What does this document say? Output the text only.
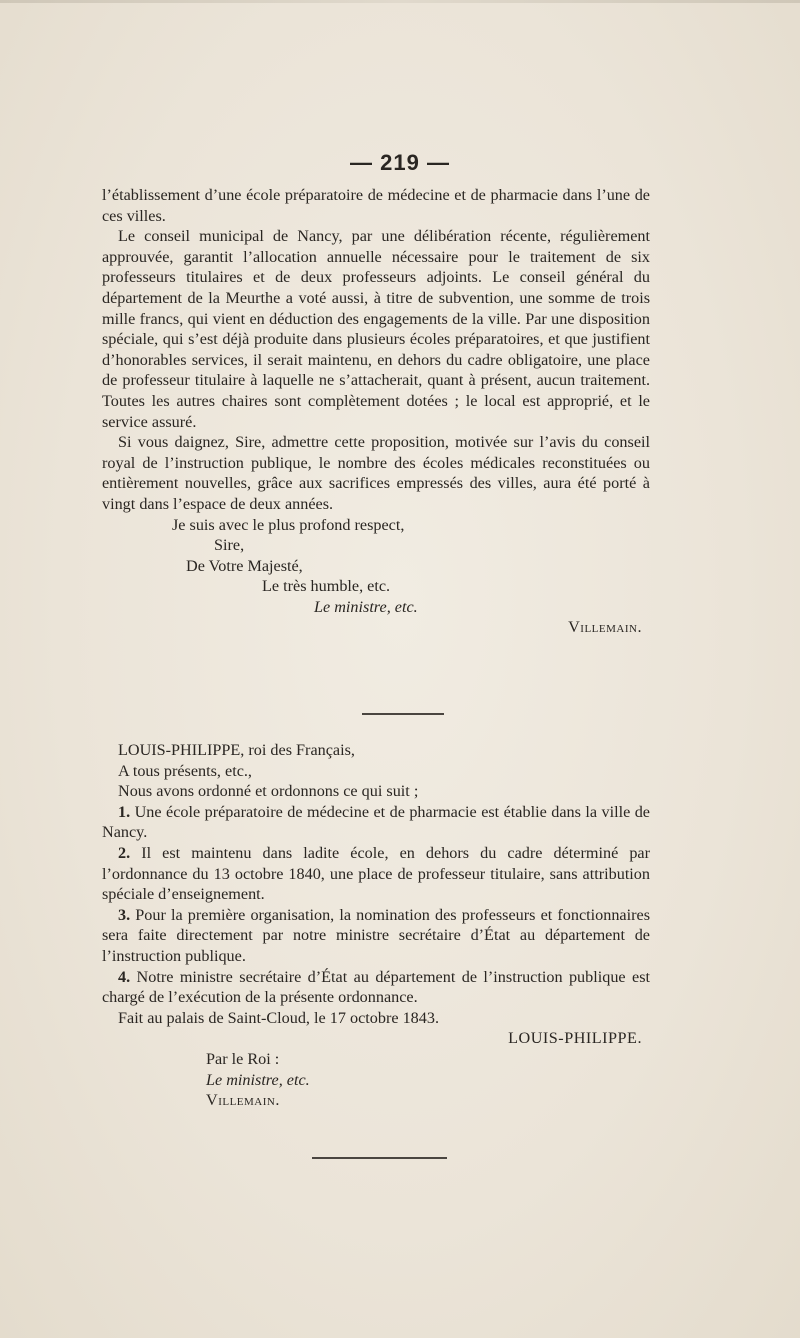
— 219 —

l’établissement d’une école préparatoire de médecine et de pharmacie dans l’une de ces villes.

Le conseil municipal de Nancy, par une délibération récente, régulièrement approuvée, garantit l’allocation annuelle nécessaire pour le traitement de six professeurs titulaires et de deux professeurs adjoints. Le conseil général du département de la Meurthe a voté aussi, à titre de subvention, une somme de trois mille francs, qui vient en déduction des engagements de la ville. Par une disposition spéciale, qui s’est déjà produite dans plusieurs écoles préparatoires, et que justifient d’honorables services, il serait maintenu, en dehors du cadre obligatoire, une place de professeur titulaire à laquelle ne s’attacherait, quant à présent, aucun traitement. Toutes les autres chaires sont complètement dotées ; le local est approprié, et le service assuré.

Si vous daignez, Sire, admettre cette proposition, motivée sur l’avis du conseil royal de l’instruction publique, le nombre des écoles médicales reconstituées ou entièrement nouvelles, grâce aux sacrifices empressés des villes, aura été porté à vingt dans l’espace de deux années.

Je suis avec le plus profond respect,

Sire,

De Votre Majesté,

Le très humble, etc.

Le ministre, etc.

Villemain.

LOUIS-PHILIPPE, roi des Français,

A tous présents, etc.,

Nous avons ordonné et ordonnons ce qui suit ;

1. Une école préparatoire de médecine et de pharmacie est établie dans la ville de Nancy.

2. Il est maintenu dans ladite école, en dehors du cadre déterminé par l’ordonnance du 13 octobre 1840, une place de professeur titulaire, sans attribution spéciale d’enseignement.

3. Pour la première organisation, la nomination des professeurs et fonctionnaires sera faite directement par notre ministre secrétaire d’État au département de l’instruction publique.

4. Notre ministre secrétaire d’État au département de l’instruction publique est chargé de l’exécution de la présente ordonnance.

Fait au palais de Saint-Cloud, le 17 octobre 1843.

LOUIS-PHILIPPE.

Par le Roi :

Le ministre, etc.

Villemain.
